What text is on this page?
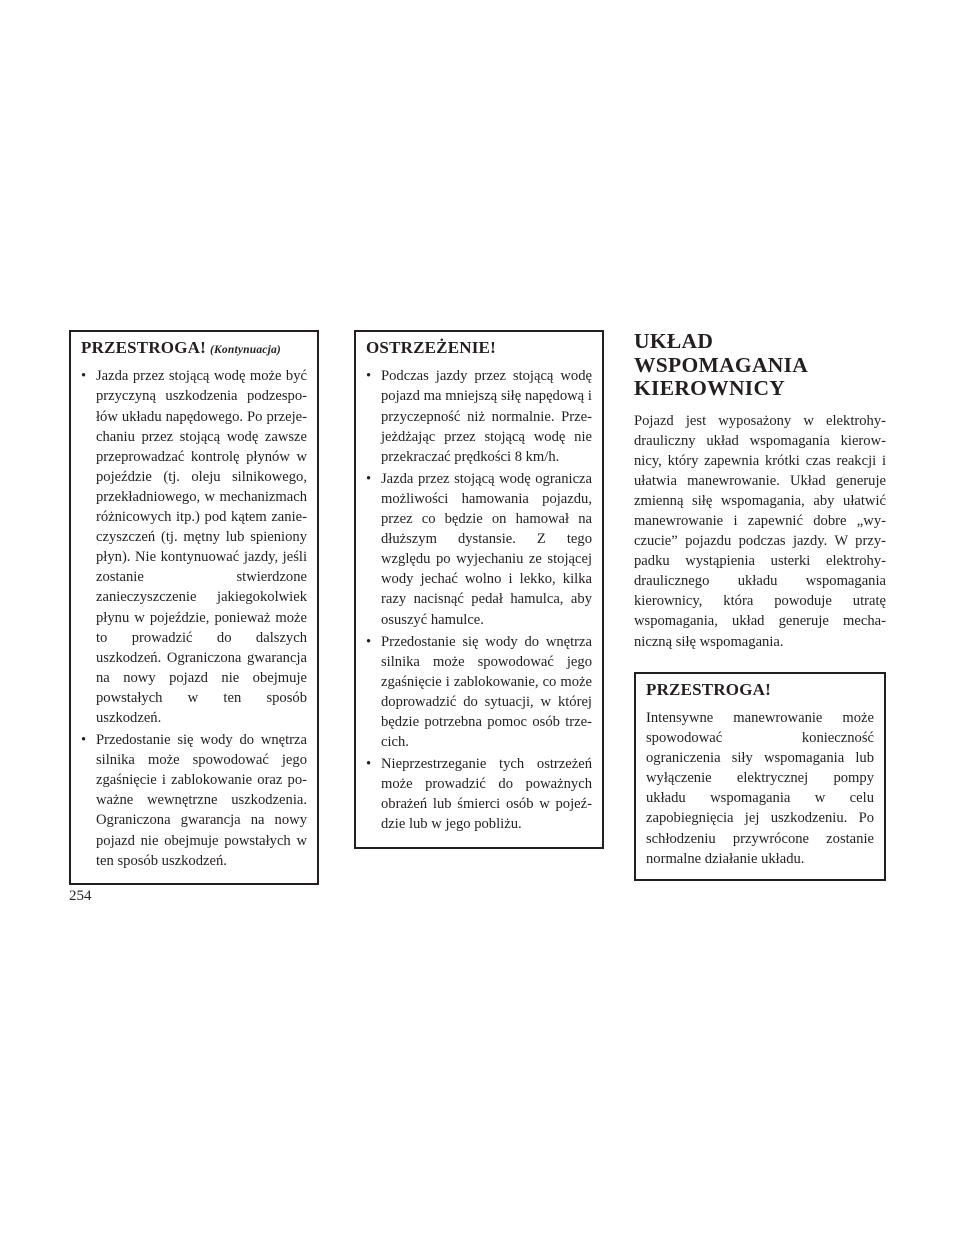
PRZESTROGA! (Kontynuacja)
• Jazda przez stojącą wodę może być przyczyną uszkodzenia podzespołów układu napędowego. Po przejechaniu przez stojącą wodę zawsze przeprowadzać kontrolę płynów w pojeździe (tj. oleju silnikowego, przekładniowego, w mechanizmach różnicowych itp.) pod kątem zanieczyszczeń (tj. mętny lub spieniony płyn). Nie kontynuować jazdy, jeśli zostanie stwierdzone zanieczyszczenie jakiegokolwiek płynu w pojeździe, ponieważ może to prowadzić do dalszych uszkodzeń. Ograniczona gwarancja na nowy pojazd nie obejmuje powstałych w ten sposób uszkodzeń.
• Przedostanie się wody do wnętrza silnika może spowodować jego zgaśnięcie i zablokowanie oraz poważne wewnętrzne uszkodzenia. Ograniczona gwarancja na nowy pojazd nie obejmuje powstałych w ten sposób uszkodzeń.
OSTRZEŻENIE!
• Podczas jazdy przez stojącą wodę pojazd ma mniejszą siłę napędową i przyczepność niż normalnie. Przejeżdżając przez stojącą wodę nie przekraczać prędkości 8 km/h.
• Jazda przez stojącą wodę ogranicza możliwości hamowania pojazdu, przez co będzie on hamował na dłuższym dystansie. Z tego względu po wyjechaniu ze stojącej wody jechać wolno i lekko, kilka razy nacisnąć pedał hamulca, aby osuszyć hamulce.
• Przedostanie się wody do wnętrza silnika może spowodować jego zgaśnięcie i zablokowanie, co może doprowadzić do sytuacji, w której będzie potrzebna pomoc osób trzecich.
• Nieprzestrzeganie tych ostrzeżeń może prowadzić do poważnych obrażeń lub śmierci osób w pojeździe lub w jego pobliżu.
UKŁAD
WSPOMAGANIA
KIEROWNICY

Pojazd jest wyposażony w elektrohydrauliczny układ wspomagania kierownicy, który zapewnia krótki czas reakcji i ułatwia manewrowanie. Układ generuje zmienną siłę wspomagania, aby ułatwić manewrowanie i zapewnić dobre „wyczucie” pojazdu podczas jazdy. W przypadku wystąpienia usterki elektrohydraulicznego układu wspomagania kierownicy, która powoduje utratę wspomagania, układ generuje mechaniczną siłę wspomagania.

PRZESTROGA!

Intensywne manewrowanie może spowodować konieczność ograniczenia siły wspomagania lub wyłączenie elektrycznej pompy układu wspomagania w celu zapobiegnięcia jej uszkodzeniu. Po schłodzeniu przywrócone zostanie normalne działanie układu.

254
